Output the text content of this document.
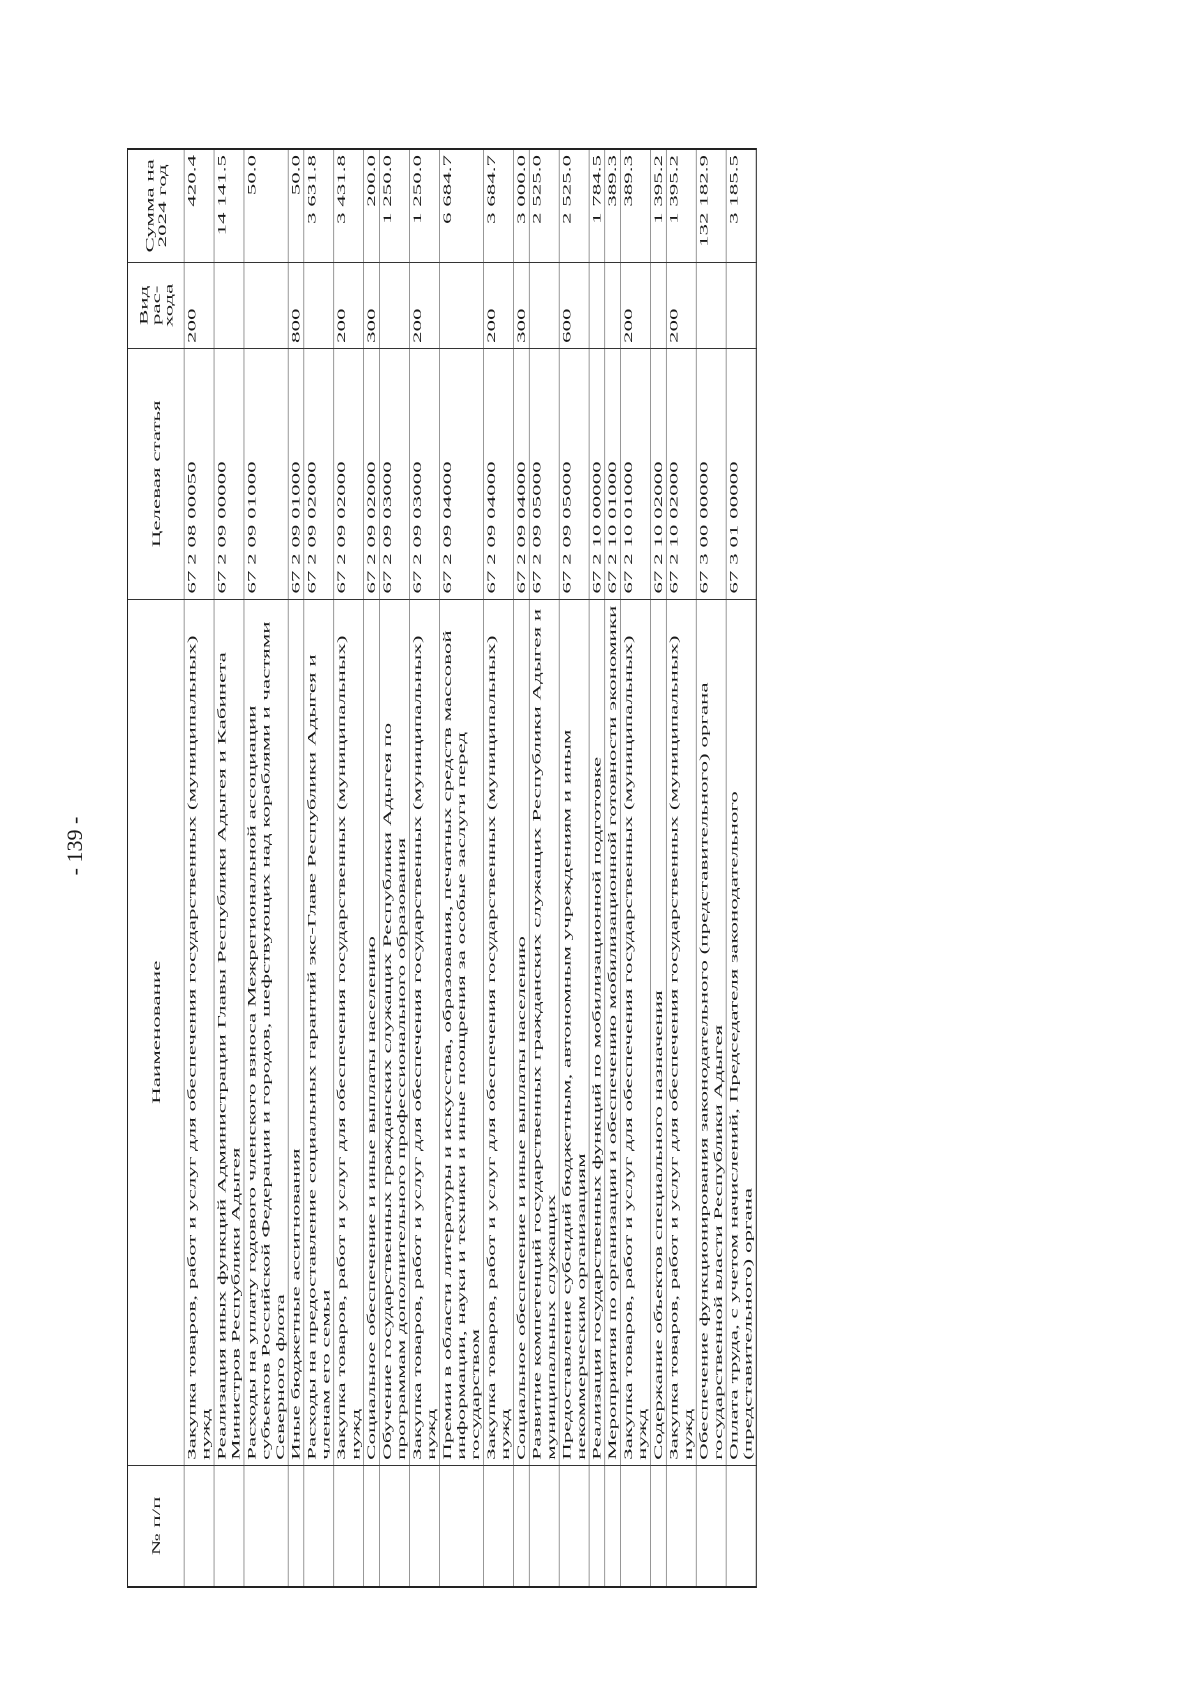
- 139 -
№ п/п	Наименование	Целевая статья	Вид рас-хода	Сумма на 2024 год
	Закупка товаров, работ и услуг для обеспечения государственных (муниципальных) нужд	67 2 08 00050	200	420.4
	Реализация иных функций Администрации Главы Республики Адыгея и Кабинета Министров Республики Адыгея	67 2 09 00000		14 141.5
	Расходы на уплату годового членского взноса Межрегиональной ассоциации субъектов Российской Федерации и городов, шефствующих над кораблями и частями Северного флота	67 2 09 01000		50.0
	Иные бюджетные ассигнования	67 2 09 01000	800	50.0
	Расходы на предоставление социальных гарантий экс-Главе Республики Адыгея и членам его семьи	67 2 09 02000		3 631.8
	Закупка товаров, работ и услуг для обеспечения государственных (муниципальных) нужд	67 2 09 02000	200	3 431.8
	Социальное обеспечение и иные выплаты населению	67 2 09 02000	300	200.0
	Обучение государственных гражданских служащих Республики Адыгея по программам дополнительного профессионального образования	67 2 09 03000		1 250.0
	Закупка товаров, работ и услуг для обеспечения государственных (муниципальных) нужд	67 2 09 03000	200	1 250.0
	Премии в области литературы и искусства, образования, печатных средств массовой информации, науки и техники и иные поощрения за особые заслуги перед государством	67 2 09 04000		6 684.7
	Закупка товаров, работ и услуг для обеспечения государственных (муниципальных) нужд	67 2 09 04000	200	3 684.7
	Социальное обеспечение и иные выплаты населению	67 2 09 04000	300	3 000.0
	Развитие компетенций государственных гражданских служащих Республики Адыгея и муниципальных служащих	67 2 09 05000		2 525.0
	Предоставление субсидий бюджетным, автономным учреждениям и иным некоммерческим организациям	67 2 09 05000	600	2 525.0
	Реализация государственных функций по мобилизационной подготовке	67 2 10 00000		1 784.5
	Мероприятия по организации и обеспечению мобилизационной готовности экономики	67 2 10 01000		389.3
	Закупка товаров, работ и услуг для обеспечения государственных (муниципальных) нужд	67 2 10 01000	200	389.3
	Содержание объектов специального назначения	67 2 10 02000		1 395.2
	Закупка товаров, работ и услуг для обеспечения государственных (муниципальных) нужд	67 2 10 02000	200	1 395.2
	Обеспечение функционирования законодательного (представительного) органа государственной власти Республики Адыгея	67 3 00 00000		132 182.9
	Оплата труда, с учетом начислений, Председателя законодательного (представительного) органа	67 3 01 00000		3 185.5
